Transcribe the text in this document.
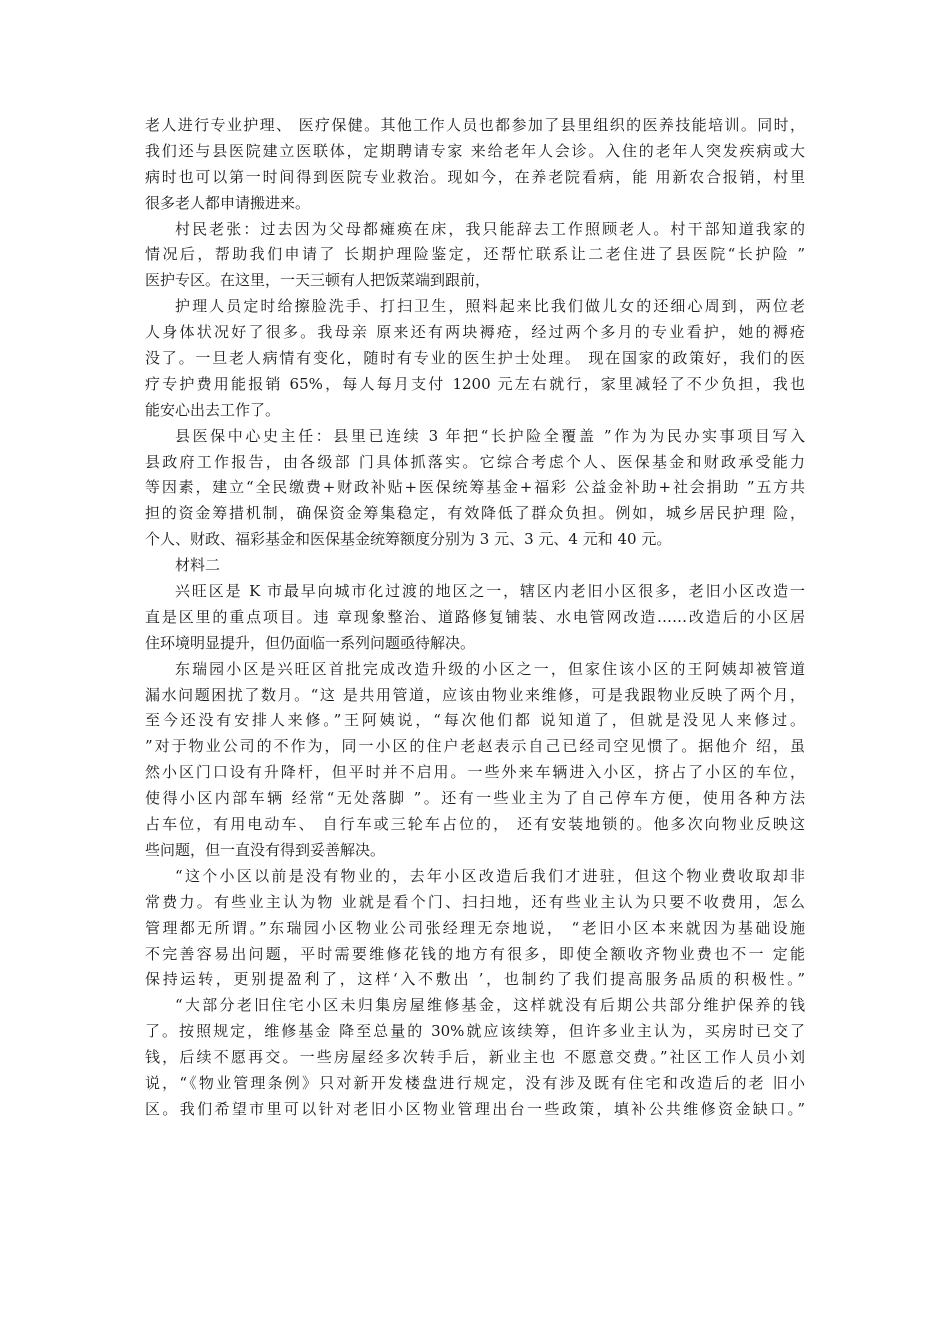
老人进行专业护理、 医疗保健。其他工作人员也都参加了县里组织的医养技能培训。同时，
我们还与县医院建立医联体，定期聘请专家 来给老年人会诊。入住的老年人突发疾病或大
病时也可以第一时间得到医院专业救治。现如今，在养老院看病，能 用新农合报销，村里
很多老人都申请搬进来。
村民老张：过去因为父母都瘫痪在床，我只能辞去工作照顾老人。村干部知道我家的
情况后，帮助我们申请了 长期护理险鉴定，还帮忙联系让二老住进了县医院“长护险 ”
医护专区。在这里，一天三顿有人把饭菜端到跟前，
护理人员定时给擦脸洗手、打扫卫生，照料起来比我们做儿女的还细心周到，两位老
人身体状况好了很多。我母亲 原来还有两块褥疮，经过两个多月的专业看护，她的褥疮
没了。一旦老人病情有变化，随时有专业的医生护士处理。 现在国家的政策好，我们的医
疗专护费用能报销 65%，每人每月支付 1200 元左右就行，家里减轻了不少负担，我也
能安心出去工作了。
县医保中心史主任：县里已连续 3 年把“长护险全覆盖 ”作为为民办实事项目写入
县政府工作报告，由各级部 门具体抓落实。它综合考虑个人、医保基金和财政承受能力
等因素，建立“全民缴费+财政补贴+医保统筹基金+福彩 公益金补助+社会捐助 ”五方共
担的资金筹措机制，确保资金筹集稳定，有效降低了群众负担。例如，城乡居民护理 险，
个人、财政、福彩基金和医保基金统筹额度分别为 3 元、3 元、4 元和 40 元。
材料二
兴旺区是 K 市最早向城市化过渡的地区之一，辖区内老旧小区很多，老旧小区改造一
直是区里的重点项目。违 章现象整治、道路修复铺装、水电管网改造……改造后的小区居
住环境明显提升，但仍面临一系列问题亟待解决。
东瑞园小区是兴旺区首批完成改造升级的小区之一，但家住该小区的王阿姨却被管道
漏水问题困扰了数月。“这 是共用管道，应该由物业来维修，可是我跟物业反映了两个月，
至今还没有安排人来修。”王阿姨说，“每次他们都 说知道了，但就是没见人来修过。
”对于物业公司的不作为，同一小区的住户老赵表示自己已经司空见惯了。据他介 绍，虽
然小区门口设有升降杆，但平时并不启用。一些外来车辆进入小区，挤占了小区的车位，
使得小区内部车辆 经常“无处落脚 ”。还有一些业主为了自己停车方便，使用各种方法
占车位，有用电动车、 自行车或三轮车占位的， 还有安装地锁的。他多次向物业反映这
些问题，但一直没有得到妥善解决。
“这个小区以前是没有物业的，去年小区改造后我们才进驻，但这个物业费收取却非
常费力。有些业主认为物 业就是看个门、扫扫地，还有些业主认为只要不收费用，怎么
管理都无所谓。”东瑞园小区物业公司张经理无奈地说， “老旧小区本来就因为基础设施
不完善容易出问题，平时需要维修花钱的地方有很多，即使全额收齐物业费也不一 定能
保持运转，更别提盈利了，这样‘入不敷出 ’，也制约了我们提高服务品质的积极性。”
“大部分老旧住宅小区未归集房屋维修基金，这样就没有后期公共部分维护保养的钱
了。按照规定，维修基金 降至总量的 30%就应该续筹，但许多业主认为，买房时已交了
钱，后续不愿再交。一些房屋经多次转手后，新业主也 不愿意交费。”社区工作人员小刘
说，“《物业管理条例》只对新开发楼盘进行规定，没有涉及既有住宅和改造后的老 旧小
区。我们希望市里可以针对老旧小区物业管理出台一些政策，填补公共维修资金缺口。”
